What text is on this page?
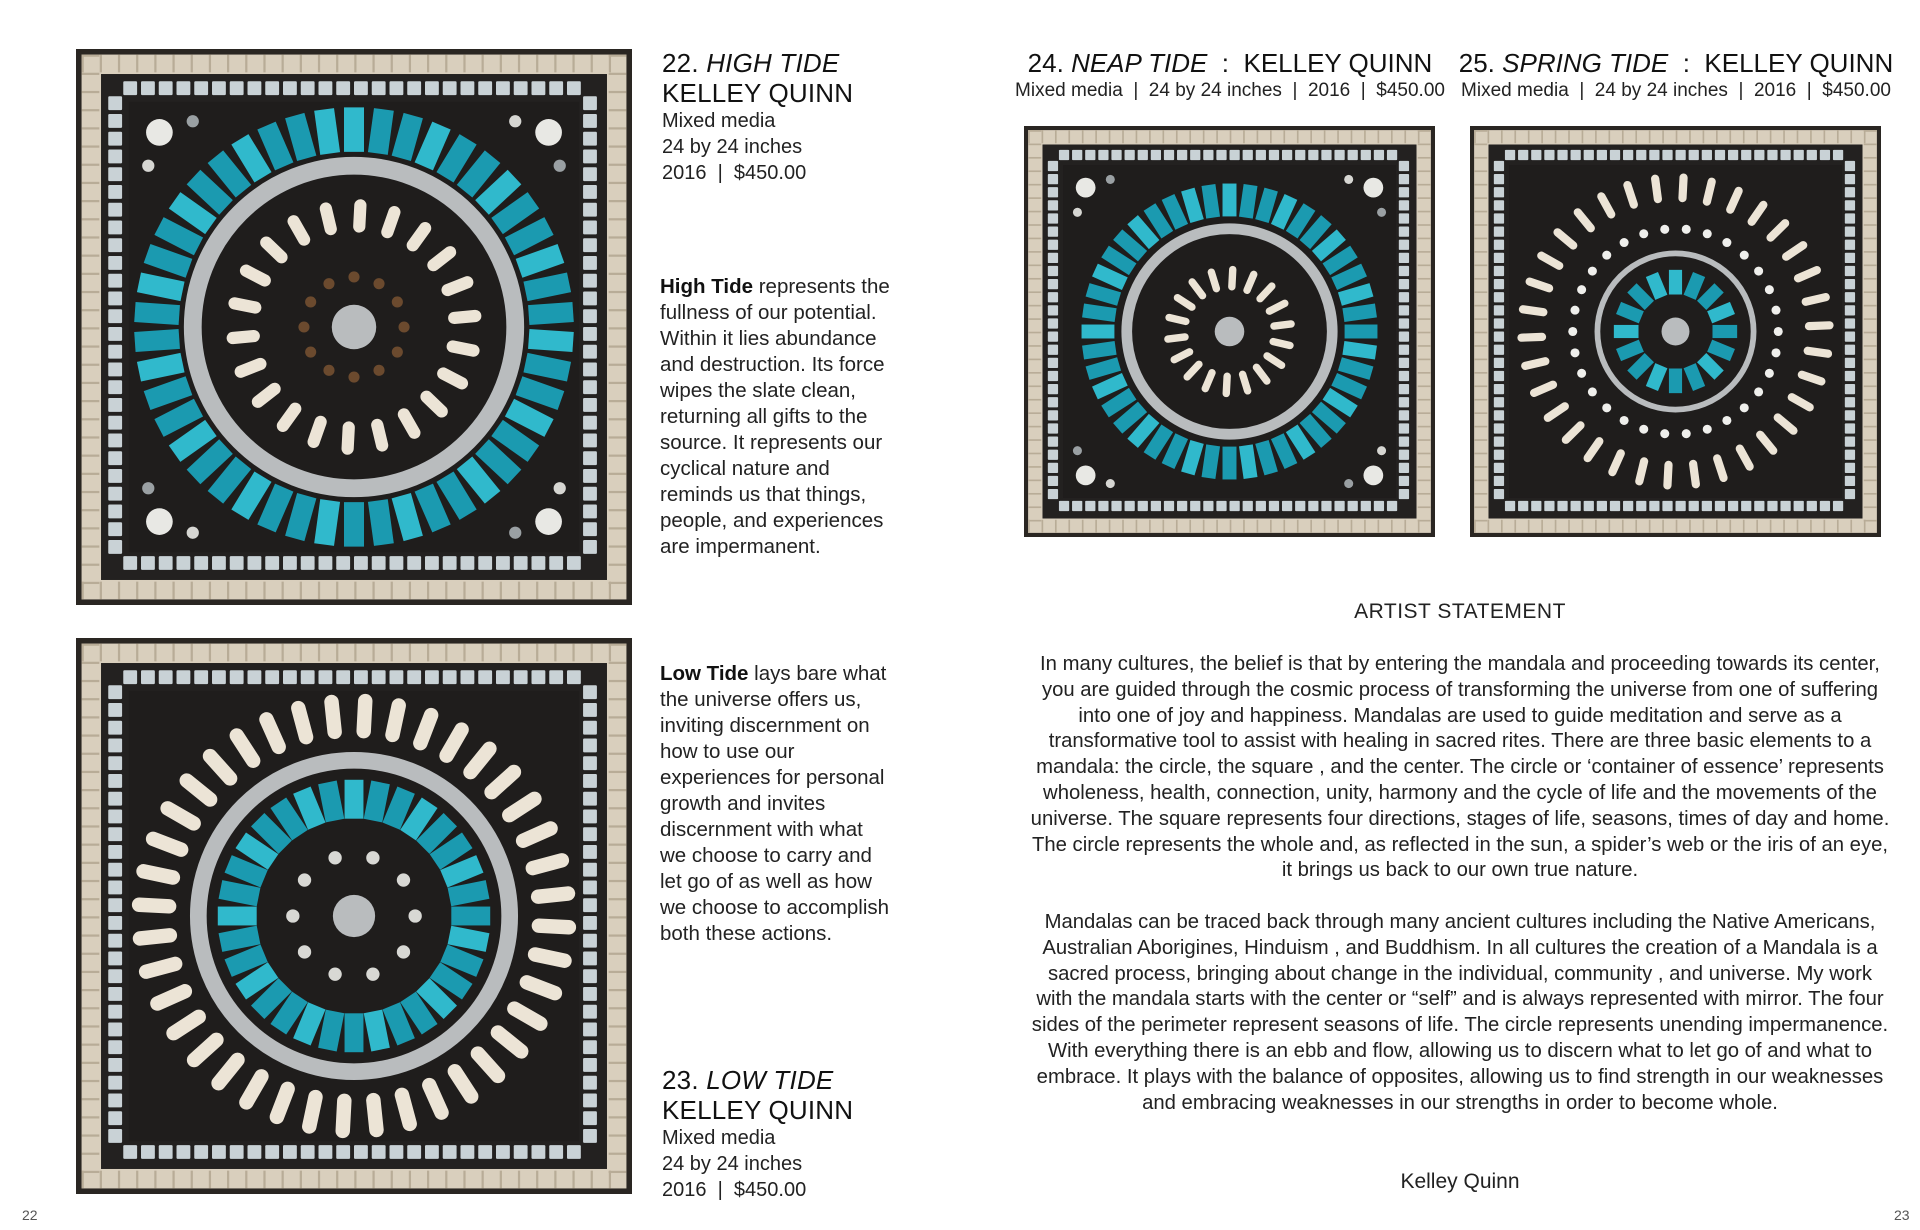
22. HIGH TIDE
KELLEY QUINN
Mixed media
24 by 24 inches
2016  |  $450.00
High Tide represents the fullness of our potential. Within it lies abundance and destruction. Its force wipes the slate clean, returning all gifts to the source. It represents our cyclical nature and reminds us that things, people, and experiences are impermanent.
Low Tide lays bare what the universe offers us, inviting discernment on how to use our experiences for personal growth and invites discernment with what we choose to carry and let go of as well as how we choose to accomplish both these actions.
23. LOW TIDE
KELLEY QUINN
Mixed media
24 by 24 inches
2016  |  $450.00
24. NEAP TIDE  :  KELLEY QUINN
Mixed media  |  24 by 24 inches  |  2016  |  $450.00
25. SPRING TIDE  :  KELLEY QUINN
Mixed media  |  24 by 24 inches  |  2016  |  $450.00
ARTIST STATEMENT
In many cultures, the belief is that by entering the mandala and proceeding towards its center, you are guided through the cosmic process of transforming the universe from one of suffering into one of joy and happiness. Mandalas are used to guide meditation and serve as a transformative tool to assist with healing in sacred rites. There are three basic elements to a mandala: the circle, the square , and the center. The circle or ‘container of essence’ represents wholeness, health, connection, unity, harmony and the cycle of life and the movements of the universe. The square represents four directions, stages of life, seasons, times of day and home. The circle represents the whole and, as reflected in the sun, a spider’s web or the iris of an eye, it brings us back to our own true nature.
Mandalas can be traced back through many ancient cultures including the Native Americans, Australian Aborigines, Hinduism , and Buddhism. In all cultures the creation of a Mandala is a sacred process, bringing about change in the individual, community , and universe. My work with the mandala starts with the center or “self” and is always represented with mirror. The four sides of the perimeter represent seasons of life. The circle represents unending impermanence. With everything there is an ebb and flow, allowing us to discern what to let go of and what to embrace. It plays with the balance of opposites, allowing us to find strength in our weaknesses and embracing weaknesses in our strengths in order to become whole.
Kelley Quinn
22	23
